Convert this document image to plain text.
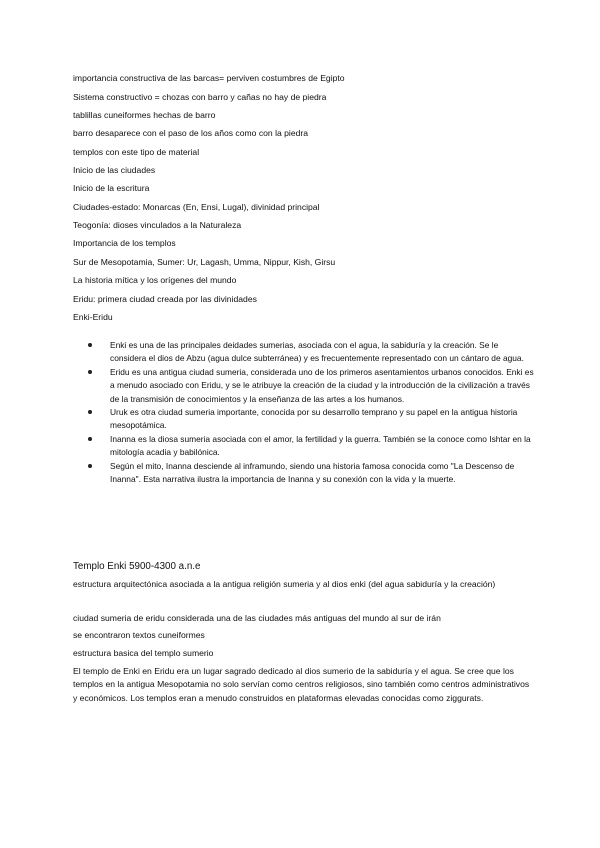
importancia constructiva de las barcas= perviven costumbres de Egipto
Sistema constructivo = chozas con barro y cañas no hay de piedra
tablillas cuneiformes hechas de barro
barro desaparece con el paso de los años como con la piedra
templos con este tipo de material
Inicio de las ciudades
Inicio de la escritura
Ciudades-estado: Monarcas (En, Ensi, Lugal), divinidad principal
Teogonía: dioses vinculados a la Naturaleza
Importancia de los templos
Sur de Mesopotamia, Sumer: Ur, Lagash, Umma, Nippur, Kish, Girsu
La historia mítica y los orígenes del mundo
Eridu: primera ciudad creada por las divinidades
Enki-Eridu
Enki es una de las principales deidades sumerias, asociada con el agua, la sabiduría y la creación. Se le considera el dios de Abzu (agua dulce subterránea) y es frecuentemente representado con un cántaro de agua.
Eridu es una antigua ciudad sumeria, considerada uno de los primeros asentamientos urbanos conocidos. Enki es a menudo asociado con Eridu, y se le atribuye la creación de la ciudad y la introducción de la civilización a través de la transmisión de conocimientos y la enseñanza de las artes a los humanos.
Uruk es otra ciudad sumeria importante, conocida por su desarrollo temprano y su papel en la antigua historia mesopotámica.
Inanna es la diosa sumeria asociada con el amor, la fertilidad y la guerra. También se la conoce como Ishtar en la mitología acadia y babilónica.
Según el mito, Inanna desciende al inframundo, siendo una historia famosa conocida como "La Descenso de Inanna". Esta narrativa ilustra la importancia de Inanna y su conexión con la vida y la muerte.
Templo Enki 5900-4300 a.n.e
estructura arquitectónica asociada a la antigua religión sumeria y al dios enki (del agua sabiduría y la creación)
ciudad sumeria de eridu considerada una de las ciudades más antiguas del mundo al sur de irán
se encontraron textos cuneiformes
estructura basica del templo sumerio
El templo de Enki en Eridu era un lugar sagrado dedicado al dios sumerio de la sabiduría y el agua. Se cree que los templos en la antigua Mesopotamia no solo servían como centros religiosos, sino también como centros administrativos y económicos. Los templos eran a menudo construidos en plataformas elevadas conocidas como ziggurats.
